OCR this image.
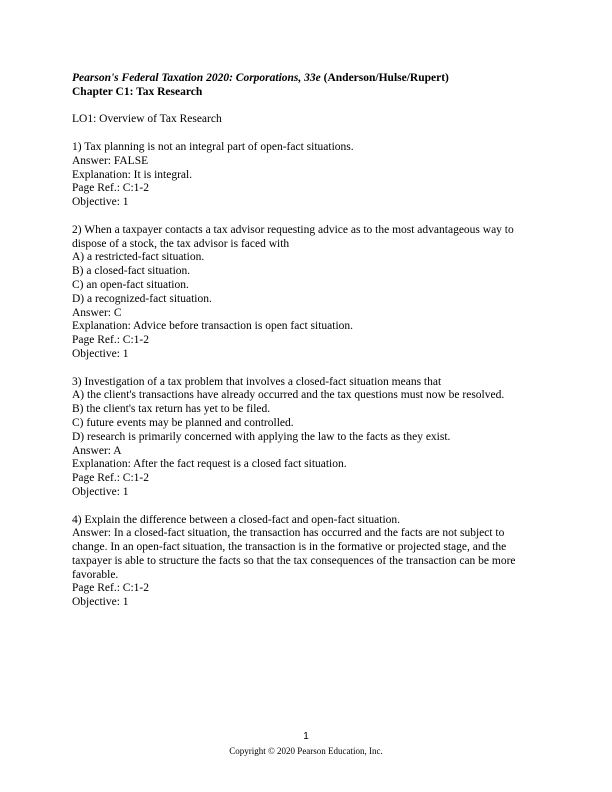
Pearson's Federal Taxation 2020: Corporations, 33e (Anderson/Hulse/Rupert)

Chapter C1: Tax Research

LO1: Overview of Tax Research

1) Tax planning is not an integral part of open-fact situations.

Answer: FALSE

Explanation: It is integral.

Page Ref.: C:1-2

Objective: 1

2) When a taxpayer contacts a tax advisor requesting advice as to the most advantageous way to dispose of a stock, the tax advisor is faced with

A) a restricted-fact situation.

B) a closed-fact situation.

C) an open-fact situation.

D) a recognized-fact situation.

Answer: C

Explanation: Advice before transaction is open fact situation.

Page Ref.: C:1-2

Objective: 1

3) Investigation of a tax problem that involves a closed-fact situation means that

A) the client's transactions have already occurred and the tax questions must now be resolved.

B) the client's tax return has yet to be filed.

C) future events may be planned and controlled.

D) research is primarily concerned with applying the law to the facts as they exist.

Answer: A

Explanation: After the fact request is a closed fact situation.

Page Ref.: C:1-2

Objective: 1

4) Explain the difference between a closed-fact and open-fact situation.

Answer: In a closed-fact situation, the transaction has occurred and the facts are not subject to change. In an open-fact situation, the transaction is in the formative or projected stage, and the taxpayer is able to structure the facts so that the tax consequences of the transaction can be more favorable.

Page Ref.: C:1-2

Objective: 1

1
Copyright © 2020 Pearson Education, Inc.
